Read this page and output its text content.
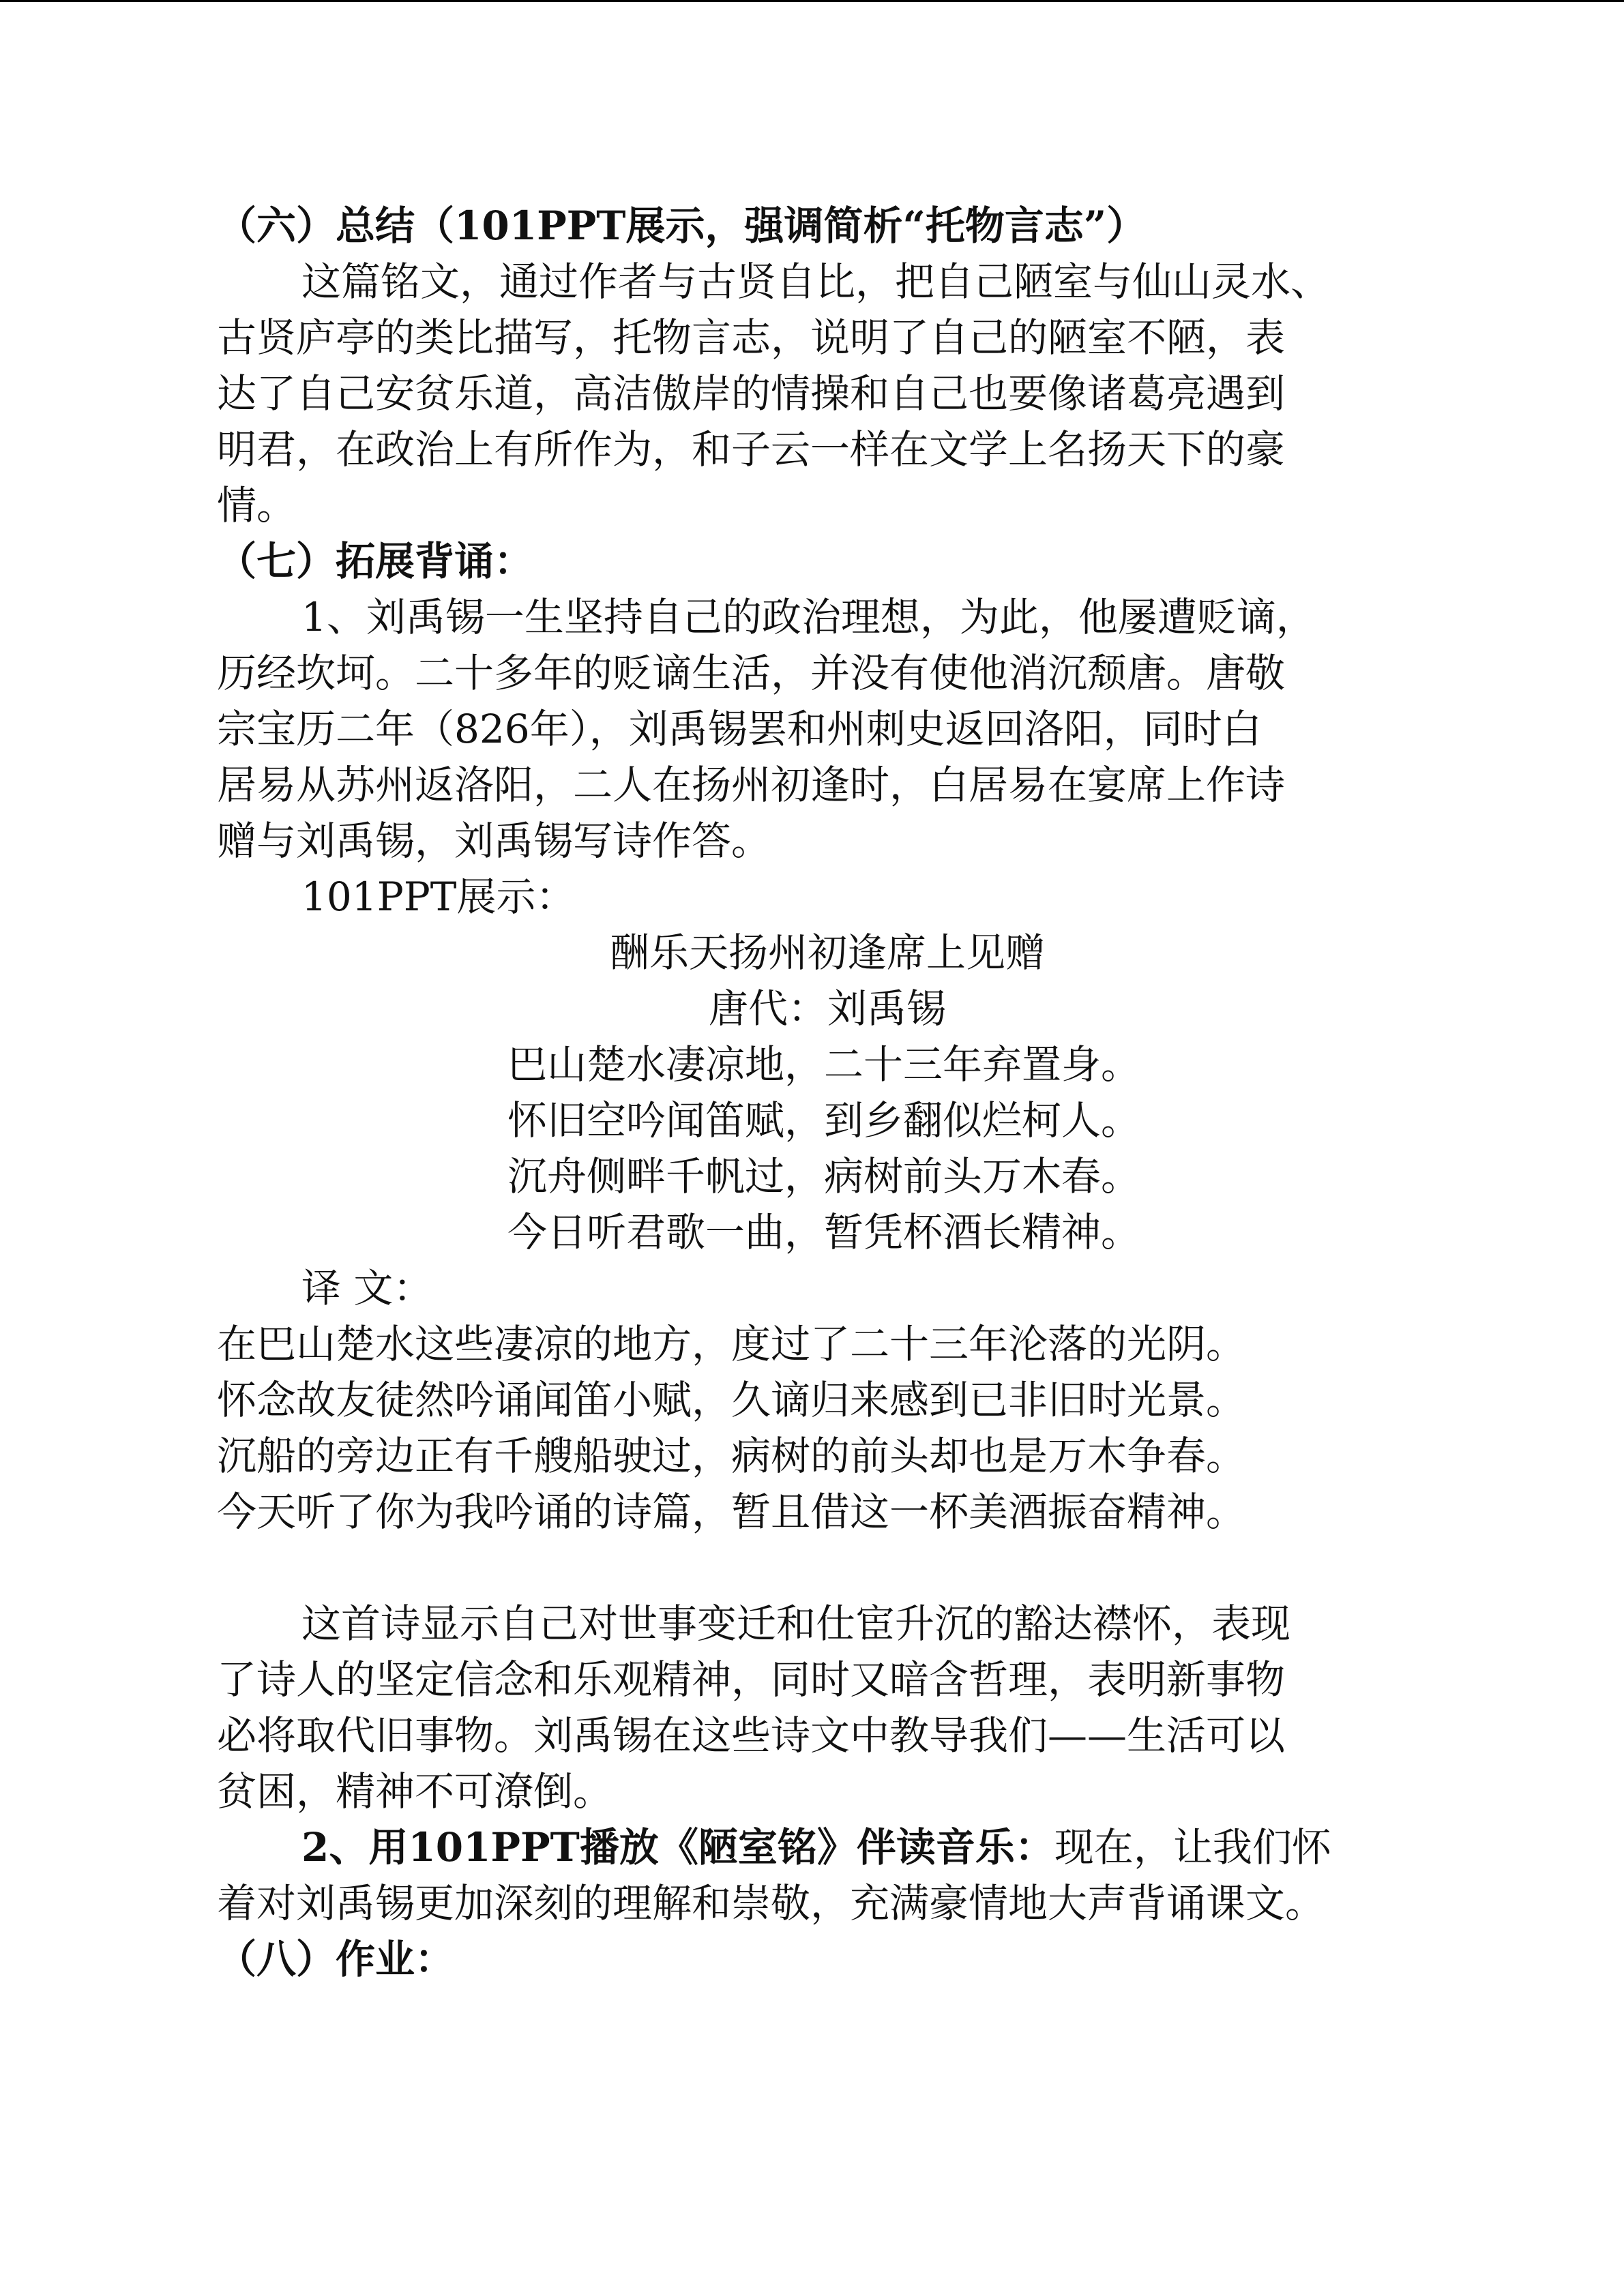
（六）总结（101PPT展示，强调简析“托物言志”）
这篇铭文，通过作者与古贤自比，把自己陋室与仙山灵水、
古贤庐亭的类比描写，托物言志，说明了自己的陋室不陋，表
达了自己安贫乐道，高洁傲岸的情操和自己也要像诸葛亮遇到
明君，在政治上有所作为，和子云一样在文学上名扬天下的豪
情。
（七）拓展背诵：
1、刘禹锡一生坚持自己的政治理想，为此，他屡遭贬谪，
历经坎坷。二十多年的贬谪生活，并没有使他消沉颓唐。唐敬
宗宝历二年（826年），刘禹锡罢和州刺史返回洛阳，同时白
居易从苏州返洛阳，二人在扬州初逢时，白居易在宴席上作诗
赠与刘禹锡，刘禹锡写诗作答。
101PPT展示：
酬乐天扬州初逢席上见赠
唐代：刘禹锡
巴山楚水凄凉地，二十三年弃置身。
怀旧空吟闻笛赋，到乡翻似烂柯人。
沉舟侧畔千帆过，病树前头万木春。
今日听君歌一曲，暂凭杯酒长精神。
译 文：
在巴山楚水这些凄凉的地方，度过了二十三年沦落的光阴。
怀念故友徒然吟诵闻笛小赋，久谪归来感到已非旧时光景。
沉船的旁边正有千艘船驶过，病树的前头却也是万木争春。
今天听了你为我吟诵的诗篇，暂且借这一杯美酒振奋精神。
这首诗显示自己对世事变迁和仕宦升沉的豁达襟怀，表现
了诗人的坚定信念和乐观精神，同时又暗含哲理，表明新事物
必将取代旧事物。刘禹锡在这些诗文中教导我们——生活可以
贫困，精神不可潦倒。
2、用101PPT播放《陋室铭》伴读音乐：现在，让我们怀
着对刘禹锡更加深刻的理解和崇敬，充满豪情地大声背诵课文。
（八）作业：
